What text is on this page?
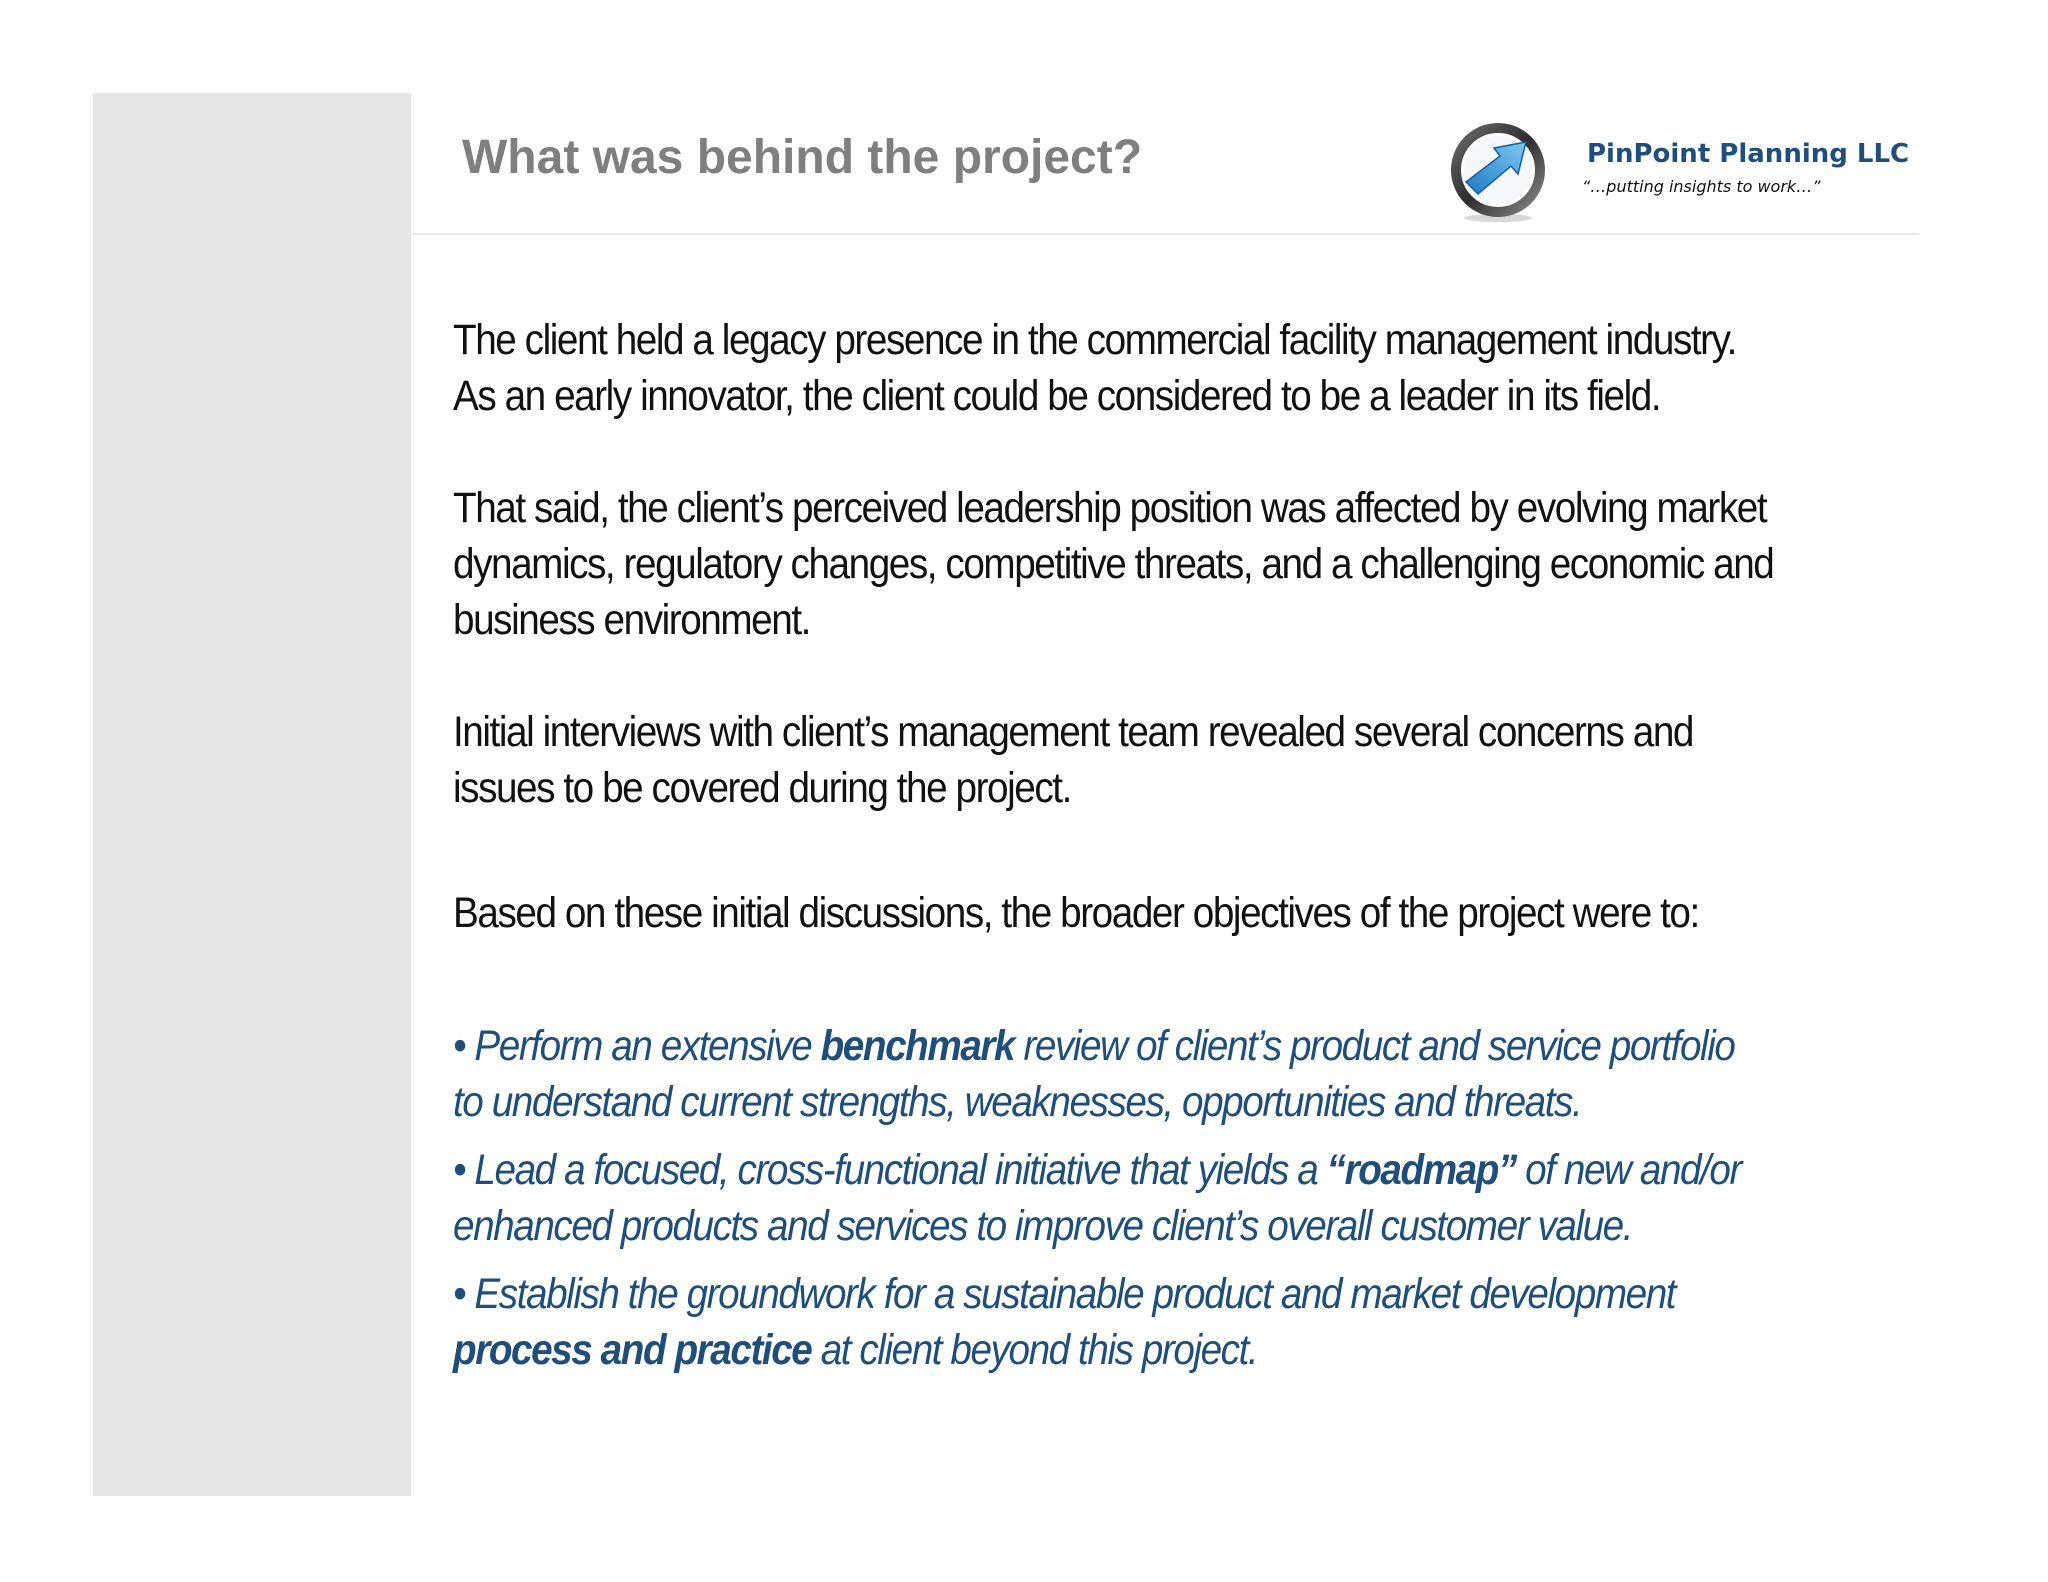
What was behind the project?	PinPoint Planning LLC
“…putting insights to work…”

The client held a legacy presence in the commercial facility management industry.
As an early innovator, the client could be considered to be a leader in its field.

That said, the client’s perceived leadership position was affected by evolving market
dynamics, regulatory changes, competitive threats, and a challenging economic and
business environment.

Initial interviews with client’s management team revealed several concerns and
issues to be covered during the project.

Based on these initial discussions, the broader objectives of the project were to:

• Perform an extensive benchmark review of client’s product and service portfolio
to understand current strengths, weaknesses, opportunities and threats.

• Lead a focused, cross-functional initiative that yields a “roadmap” of new and/or
enhanced products and services to improve client’s overall customer value.

• Establish the groundwork for a sustainable product and market development
process and practice at client beyond this project.
